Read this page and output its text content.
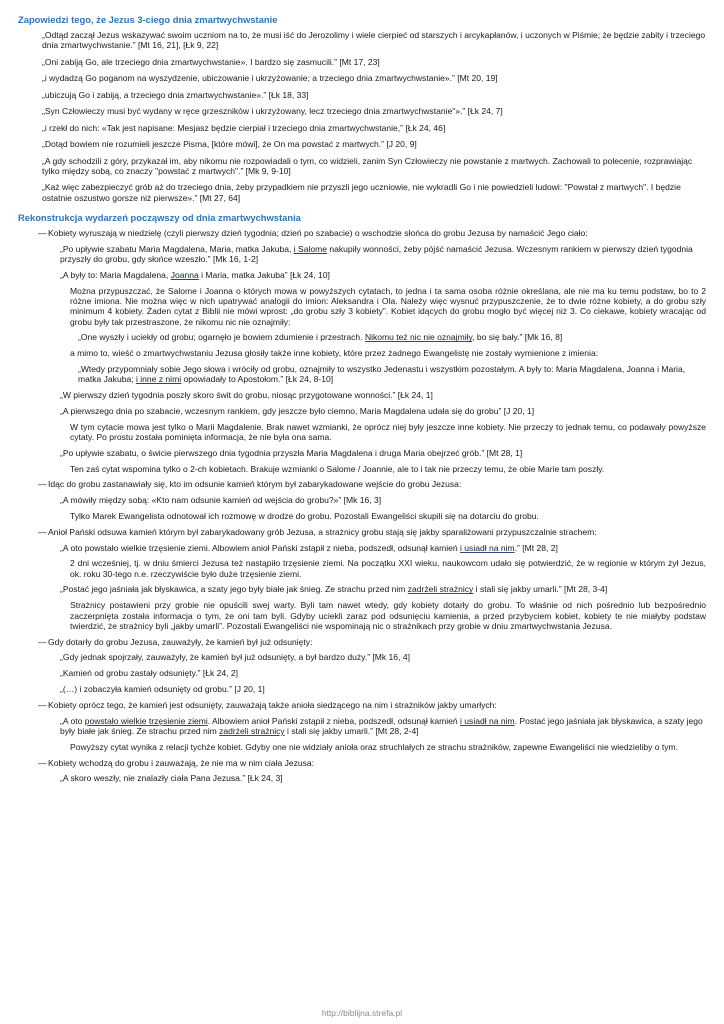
Zapowiedzi tego, że Jezus 3-ciego dnia zmartwychwstanie
„Odtąd zaczął Jezus wskazywać swoim uczniom na to, że musi iść do Jerozolimy i wiele cierpieć od starszych i arcykapłanów, i uczonych w Piśmie; że będzie zabity i trzeciego dnia zmartwychwstanie.” [Mt 16, 21], [Łk 9, 22]
„Oni zabiją Go, ale trzeciego dnia zmartwychwstanie». I bardzo się zasmucili.” [Mt 17, 23]
„i wydadzą Go poganom na wyszydzenie, ubiczowanie i ukrzyżowanie; a trzeciego dnia zmartwychwstanie».” [Mt 20, 19]
„ubiczują Go i zabiją, a trzeciego dnia zmartwychwstanie».” [Łk 18, 33]
„Syn Człowieczy musi być wydany w ręce grzeszników i ukrzyżowany, lecz trzeciego dnia zmartwychwstanie"».” [Łk 24, 7]
„i rzekł do nich: «Tak jest napisane: Mesjasz będzie cierpiał i trzeciego dnia zmartwychwstanie,” [Łk 24, 46]
„Dotąd bowiem nie rozumieli jeszcze Pisma, [które mówi], że On ma powstać z martwych.” [J 20, 9]
„A gdy schodzili z góry, przykazał im, aby nikomu nie rozpowiadali o tym, co widzieli, zanim Syn Człowieczy nie powstanie z martwych. Zachowali to polecenie, rozprawiając tylko między sobą, co znaczy "powstać z martwych".” [Mk 9, 9-10]
„Każ więc zabezpieczyć grób aż do trzeciego dnia, żeby przypadkiem nie przyszli jego uczniowie, nie wykradli Go i nie powiedzieli ludowi: "Powstał z martwych". I będzie ostatnie oszustwo gorsze niż pierwsze».” [Mt 27, 64]
Rekonstrukcja wydarzeń począwszy od dnia zmartwychwstania
—Kobiety wyruszają w niedzielę (czyli pierwszy dzień tygodnia; dzień po szabacie) o wschodzie słońca do grobu Jezusa by namaścić Jego ciało:
„Po upływie szabatu Maria Magdalena, Maria, matka Jakuba, i Salome nakupiły wonności, żeby pójść namaścić Jezusa. Wczesnym rankiem w pierwszy dzień tygodnia przyszły do grobu, gdy słońce wzeszło.” [Mk 16, 1-2]
„A były to: Maria Magdalena, Joanna i Maria, matka Jakuba” [Łk 24, 10]
Można przypuszczać, że Salome i Joanna o których mowa w powyższych cytatach, to jedna i ta sama osoba różnie określana, ale nie ma ku temu podstaw, bo to 2 różne imiona. Nie można więc w nich upatrywać analogii do imion: Aleksandra i Ola. Należy więc wysnuć przypuszczenie, że to dwie różne kobiety, a do grobu szły minimum 4 kobiety. Żaden cytat z Biblii nie mówi wprost: „do grobu szły 3 kobiety”. Kobiet idących do grobu mogło być więcej niż 3. Co ciekawe, kobiety wracając od grobu były tak przestraszone, że nikomu nic nie oznajmiły:
„One wyszły i uciekły od grobu; ogarnęło je bowiem zdumienie i przestrach. Nikomu też nic nie oznajmiły, bo się bały.” [Mk 16, 8]
a mimo to, wieść o zmartwychwstaniu Jezusa głosiły także inne kobiety, które przez żadnego Ewangelistę nie zostały wymienione z imienia:
„Wtedy przypomniały sobie Jego słowa i wróciły od grobu, oznajmiły to wszystko Jedenastu i wszystkim pozostałym. A były to: Maria Magdalena, Joanna i Maria, matka Jakuba; i inne z nimi opowiadały to Apostołom.” [Łk 24, 8-10]
„W pierwszy dzień tygodnia poszły skoro świt do grobu, niosąc przygotowane wonności.” [Łk 24, 1]
„A pierwszego dnia po szabacie, wczesnym rankiem, gdy jeszcze było ciemno, Maria Magdalena udała się do grobu” [J 20, 1]
W tym cytacie mowa jest tylko o Marii Magdalenie. Brak nawet wzmianki, że oprócz niej były jeszcze inne kobiety. Nie przeczy to jednak temu, co podawały powyższe cytaty. Po prostu została pominięta informacja, że nie była ona sama.
„Po upływie szabatu, o świcie pierwszego dnia tygodnia przyszła Maria Magdalena i druga Maria obejrzeć grób.” [Mt 28, 1]
Ten zaś cytat wspomina tylko o 2-ch kobietach. Brakuje wzmianki o Salome / Joannie, ale to i tak nie przeczy temu, że obie Marie tam poszły.
—Idąc do grobu zastanawiały się, kto im odsunie kamień którym był zabarykadowane wejście do grobu Jezusa:
„A mówiły między sobą: «Kto nam odsunie kamień od wejścia do grobu?»” [Mk 16, 3]
Tylko Marek Ewangelista odnotował ich rozmowę w drodze do grobu. Pozostali Ewangeliści skupili się na dotarciu do grobu.
—Anioł Pański odsuwa kamień którym był zabarykadowany grób Jezusa, a strażnicy grobu stają się jakby sparaliżowani przypuszczalnie strachem:
„A oto powstało wielkie trzęsienie ziemi. Albowiem anioł Pański zstąpił z nieba, podszedł, odsunął kamień i usiadł na nim.” [Mt 28, 2]
2 dni wcześniej, tj. w dniu śmierci Jezusa też nastąpiło trzęsienie ziemi. Na początku XXI wieku, naukowcom udało się potwierdzić, że w regionie w którym żył Jezus, ok. roku 30-tego n.e. rzeczywiście było duże trzęsienie ziemi.
„Postać jego jaśniała jak błyskawica, a szaty jego były białe jak śnieg. Ze strachu przed nim zadrżeli strażnicy i stali się jakby umarli.” [Mt 28, 3-4]
Strażnicy postawieni przy grobie nie opuścili swej warty. Byli tam nawet wtedy, gdy kobiety dotarły do grobu. To właśnie od nich pośrednio lub bezpośrednio zaczerpnięta została informacja o tym, że oni tam byli. Gdyby uciekli zaraz pod odsunięciu kamienia, a przed przybyciem kobiet, kobiety te nie miałyby podstaw twierdzić, że strażnicy byli „jakby umarli”. Pozostali Ewangeliści nie wspominają nic o strażnikach przy grobie w dniu zmartwychwstania Jezusa.
—Gdy dotarły do grobu Jezusa, zauważyły, że kamień był już odsunięty:
„Gdy jednak spojrzały, zauważyły, że kamień był już odsunięty, a był bardzo duży.” [Mk 16, 4]
„Kamień od grobu zastały odsunięty.” [Łk 24, 2]
„(…) i zobaczyła kamień odsunięty od grobu.” [J 20, 1]
—Kobiety oprócz tego, że kamień jest odsunięty, zauważają także anioła siedzącego na nim i strażników jakby umarłych:
„A oto powstało wielkie trzęsienie ziemi. Albowiem anioł Pański zstąpił z nieba, podszedł, odsunął kamień i usiadł na nim. Postać jego jaśniała jak błyskawica, a szaty jego były białe jak śnieg. Ze strachu przed nim zadrżeli strażnicy i stali się jakby umarli.” [Mt 28, 2-4]
Powyższy cytat wynika z relacji tychże kobiet. Gdyby one nie widziały anioła oraz struchlałych ze strachu strażników, zapewne Ewangeliści nie wiedzieliby o tym.
—Kobiety wchodzą do grobu i zauważają, że nie ma w nim ciała Jezusa:
„A skoro weszły, nie znalazły ciała Pana Jezusa.” [Łk 24, 3]
http://biblijna.strefa.pl
